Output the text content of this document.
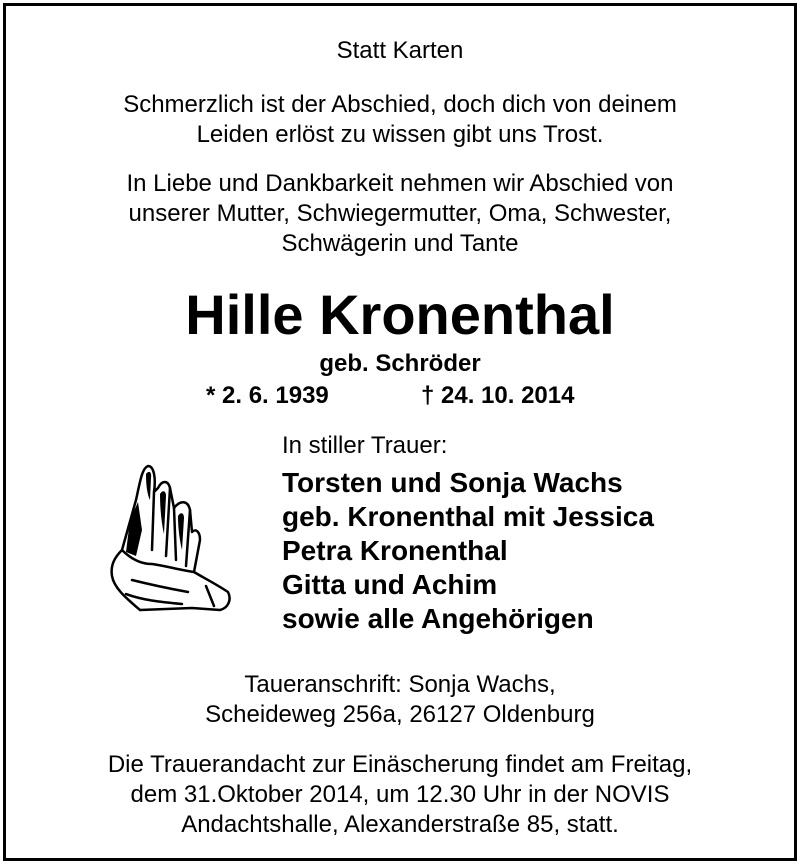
Statt Karten
Schmerzlich ist der Abschied, doch dich von deinem
Leiden erlöst zu wissen gibt uns Trost.
In Liebe und Dankbarkeit nehmen wir Abschied von
unserer Mutter, Schwiegermutter, Oma, Schwester,
Schwägerin und Tante
Hille Kronenthal
geb. Schröder
* 2. 6. 1939	† 24. 10. 2014
In stiller Trauer:
Torsten und Sonja Wachs
geb. Kronenthal mit Jessica
Petra Kronenthal
Gitta und Achim
sowie alle Angehörigen
Taueranschrift: Sonja Wachs,
Scheideweg 256a, 26127 Oldenburg
Die Trauerandacht zur Einäscherung findet am Freitag,
dem 31.Oktober 2014, um 12.30 Uhr in der NOVIS
Andachtshalle, Alexanderstraße 85, statt.
